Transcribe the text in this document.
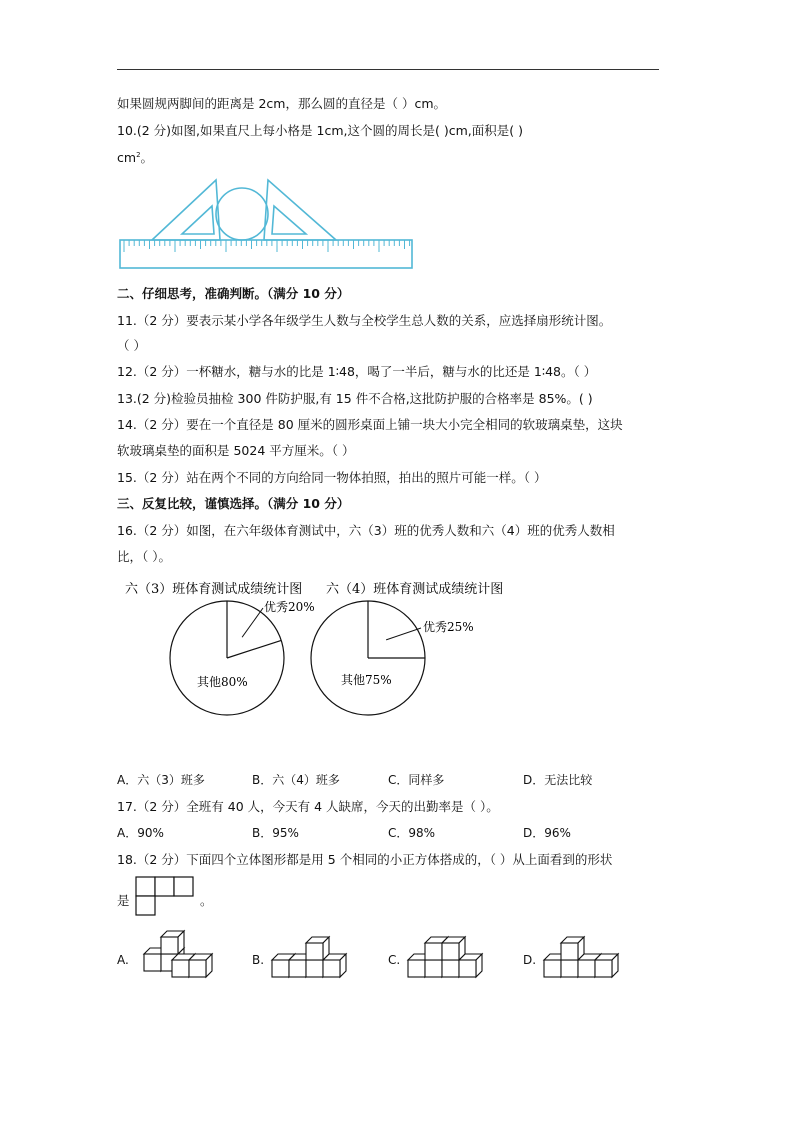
如果圆规两脚间的距离是 2cm，那么圆的直径是（ ）cm。
10.(2 分)如图,如果直尺上每小格是 1cm,这个圆的周长是( )cm,面积是( )
$cm^2$。
二、仔细思考，准确判断。（满分 10 分）
11.（2 分）要表示某小学各年级学生人数与全校学生总人数的关系，应选择扇形统计图。
（ ）
12.（2 分）一杯糖水，糖与水的比是 1∶48，喝了一半后，糖与水的比还是 1∶48。（ ）
13.(2 分)检验员抽检 300 件防护服,有 15 件不合格,这批防护服的合格率是 85%。( )
14.（2 分）要在一个直径是 80 厘米的圆形桌面上铺一块大小完全相同的软玻璃桌垫，这块
软玻璃桌垫的面积是 5024 平方厘米。（ ）
15.（2 分）站在两个不同的方向给同一物体拍照，拍出的照片可能一样。（ ）
三、反复比较，谨慎选择。（满分 10 分）
16.（2 分）如图，在六年级体育测试中，六（3）班的优秀人数和六（4）班的优秀人数相
比，（ ）。
六（3）班体育测试成绩统计图 六（4）班体育测试成绩统计图
优秀20%
其他80%
优秀25%
其他75%
A．六（3）班多	B．六（4）班多	C．同样多	D．无法比较
17.（2 分）全班有 40 人，今天有 4 人缺席，今天的出勤率是（ ）。
A．90%	B．95%	C．98%	D．96%
18.（2 分）下面四个立体图形都是用 5 个相同的小正方体搭成的，（ ）从上面看到的形状
是	。
A.	B.	C.	D.
